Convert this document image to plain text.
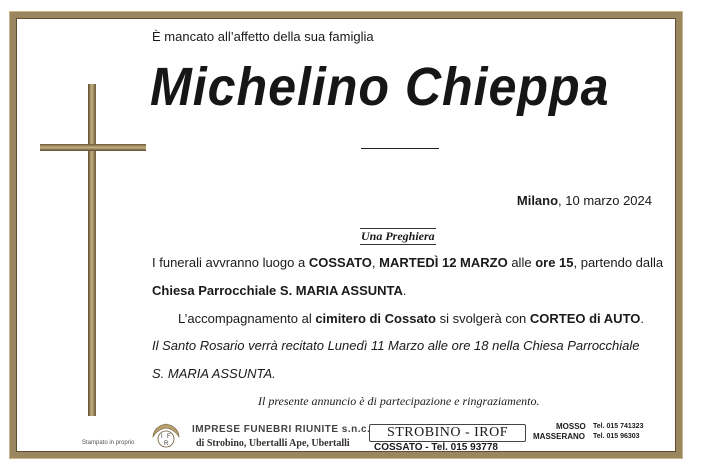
È mancato all’affetto della sua famiglia
Michelino Chieppa
Milano, 10 marzo 2024
Una Preghiera
I funerali avvranno luogo a COSSATO, MARTEDÌ 12 MARZO alle ore 15, partendo dalla
Chiesa Parrocchiale S. MARIA ASSUNTA.
L’accompagnamento al cimitero di Cossato si svolgerà con CORTEO di AUTO.
Il Santo Rosario verrà recitato Lunedì 11 Marzo alle ore 18 nella Chiesa Parrocchiale
S. MARIA ASSUNTA.
Il presente annuncio è di partecipazione e ringraziamento.
Stampato in proprio
I F
R
IMPRESE FUNEBRI RIUNITE s.n.c.
di Strobino, Ubertalli Ape, Ubertalli
STROBINO - IROF
COSSATO - Tel. 015 93778
MOSSO Tel. 015 741323
MASSERANO Tel. 015 96303
